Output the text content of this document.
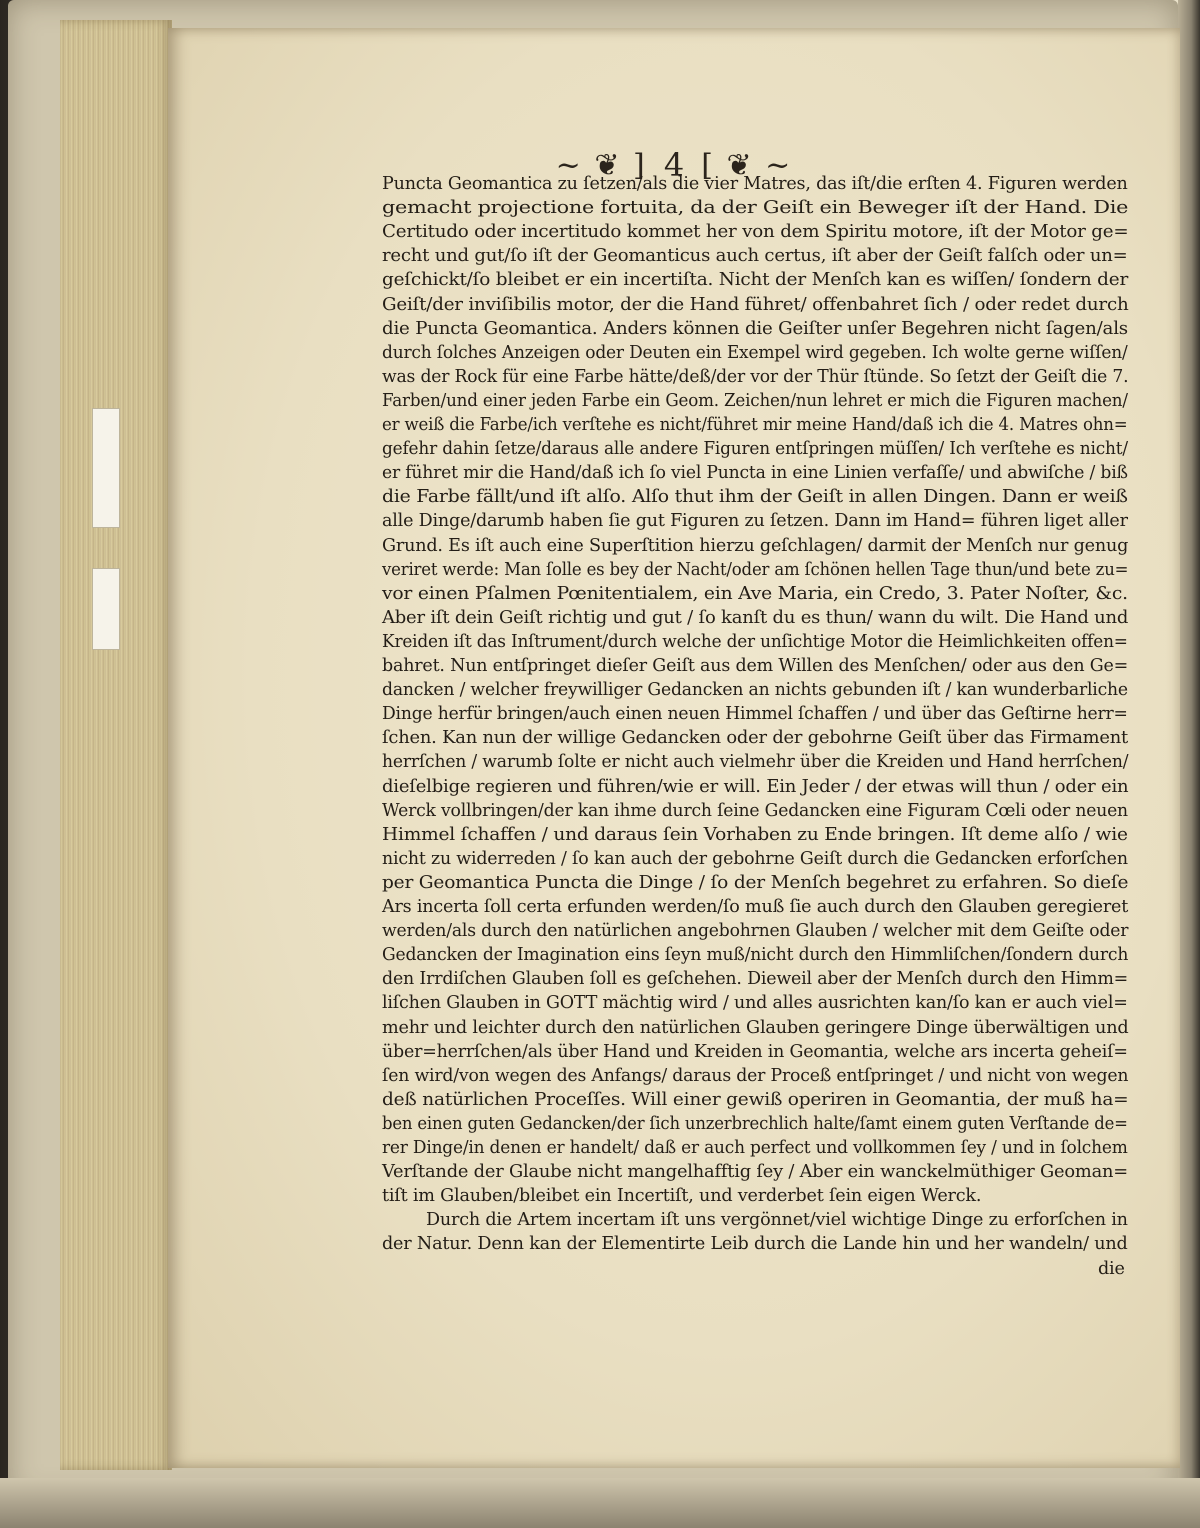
~ ❦ ] 4 [ ❦ ~
Puncta Geomantica zu ſetzen/als die vier Matres, das iſt/die erſten 4. Figuren werden
gemacht projectione fortuita, da der Geiſt ein Beweger iſt der Hand. Die
Certitudo oder incertitudo kommet her von dem Spiritu motore, iſt der Motor ge=
recht und gut/ſo iſt der Geomanticus auch certus, iſt aber der Geiſt falſch oder un=
geſchickt/ſo bleibet er ein incertiſta. Nicht der Menſch kan es wiſſen/ ſondern der
Geiſt/der inviſibilis motor, der die Hand führet/ offenbahret ſich / oder redet durch
die Puncta Geomantica. Anders können die Geiſter unſer Begehren nicht ſagen/als
durch ſolches Anzeigen oder Deuten ein Exempel wird gegeben. Ich wolte gerne wiſſen/
was der Rock für eine Farbe hätte/deß/der vor der Thür ſtünde. So ſetzt der Geiſt die 7.
Farben/und einer jeden Farbe ein Geom. Zeichen/nun lehret er mich die Figuren machen/
er weiß die Farbe/ich verſtehe es nicht/führet mir meine Hand/daß ich die 4. Matres ohn=
gefehr dahin ſetze/daraus alle andere Figuren entſpringen müſſen/ Ich verſtehe es nicht/
er führet mir die Hand/daß ich ſo viel Puncta in eine Linien verfaſſe/ und abwiſche / biß
die Farbe fällt/und iſt alſo. Alſo thut ihm der Geiſt in allen Dingen. Dann er weiß
alle Dinge/darumb haben ſie gut Figuren zu ſetzen. Dann im Hand= führen liget aller
Grund. Es iſt auch eine Superſtition hierzu geſchlagen/ darmit der Menſch nur genug
veriret werde: Man ſolle es bey der Nacht/oder am ſchönen hellen Tage thun/und bete zu=
vor einen Pſalmen Pœnitentialem, ein Ave Maria, ein Credo, 3. Pater Noſter, &c.
Aber iſt dein Geiſt richtig und gut / ſo kanſt du es thun/ wann du wilt. Die Hand und
Kreiden iſt das Inſtrument/durch welche der unſichtige Motor die Heimlichkeiten offen=
bahret. Nun entſpringet dieſer Geiſt aus dem Willen des Menſchen/ oder aus den Ge=
dancken / welcher freywilliger Gedancken an nichts gebunden iſt / kan wunderbarliche
Dinge herfür bringen/auch einen neuen Himmel ſchaffen / und über das Geſtirne herr=
ſchen. Kan nun der willige Gedancken oder der gebohrne Geiſt über das Firmament
herrſchen / warumb ſolte er nicht auch vielmehr über die Kreiden und Hand herrſchen/
dieſelbige regieren und führen/wie er will. Ein Jeder / der etwas will thun / oder ein
Werck vollbringen/der kan ihme durch ſeine Gedancken eine Figuram Cœli oder neuen
Himmel ſchaffen / und daraus ſein Vorhaben zu Ende bringen. Iſt deme alſo / wie
nicht zu widerreden / ſo kan auch der gebohrne Geiſt durch die Gedancken erforſchen
per Geomantica Puncta die Dinge / ſo der Menſch begehret zu erfahren. So dieſe
Ars incerta ſoll certa erfunden werden/ſo muß ſie auch durch den Glauben geregieret
werden/als durch den natürlichen angebohrnen Glauben / welcher mit dem Geiſte oder
Gedancken der Imagination eins ſeyn muß/nicht durch den Himmliſchen/ſondern durch
den Irrdiſchen Glauben ſoll es geſchehen. Dieweil aber der Menſch durch den Himm=
liſchen Glauben in GOTT mächtig wird / und alles ausrichten kan/ſo kan er auch viel=
mehr und leichter durch den natürlichen Glauben geringere Dinge überwältigen und
über=herrſchen/als über Hand und Kreiden in Geomantia, welche ars incerta geheiſ=
ſen wird/von wegen des Anfangs/ daraus der Proceß entſpringet / und nicht von wegen
deß natürlichen Proceſſes. Will einer gewiß operiren in Geomantia, der muß ha=
ben einen guten Gedancken/der ſich unzerbrechlich halte/ſamt einem guten Verſtande de=
rer Dinge/in denen er handelt/ daß er auch perfect und vollkommen ſey / und in ſolchem
Verſtande der Glaube nicht mangelhafftig ſey / Aber ein wanckelmüthiger Geoman=
tiſt im Glauben/bleibet ein Incertiſt, und verderbet ſein eigen Werck.
Durch die Artem incertam iſt uns vergönnet/viel wichtige Dinge zu erforſchen in
der Natur. Denn kan der Elementirte Leib durch die Lande hin und her wandeln/ und
die
